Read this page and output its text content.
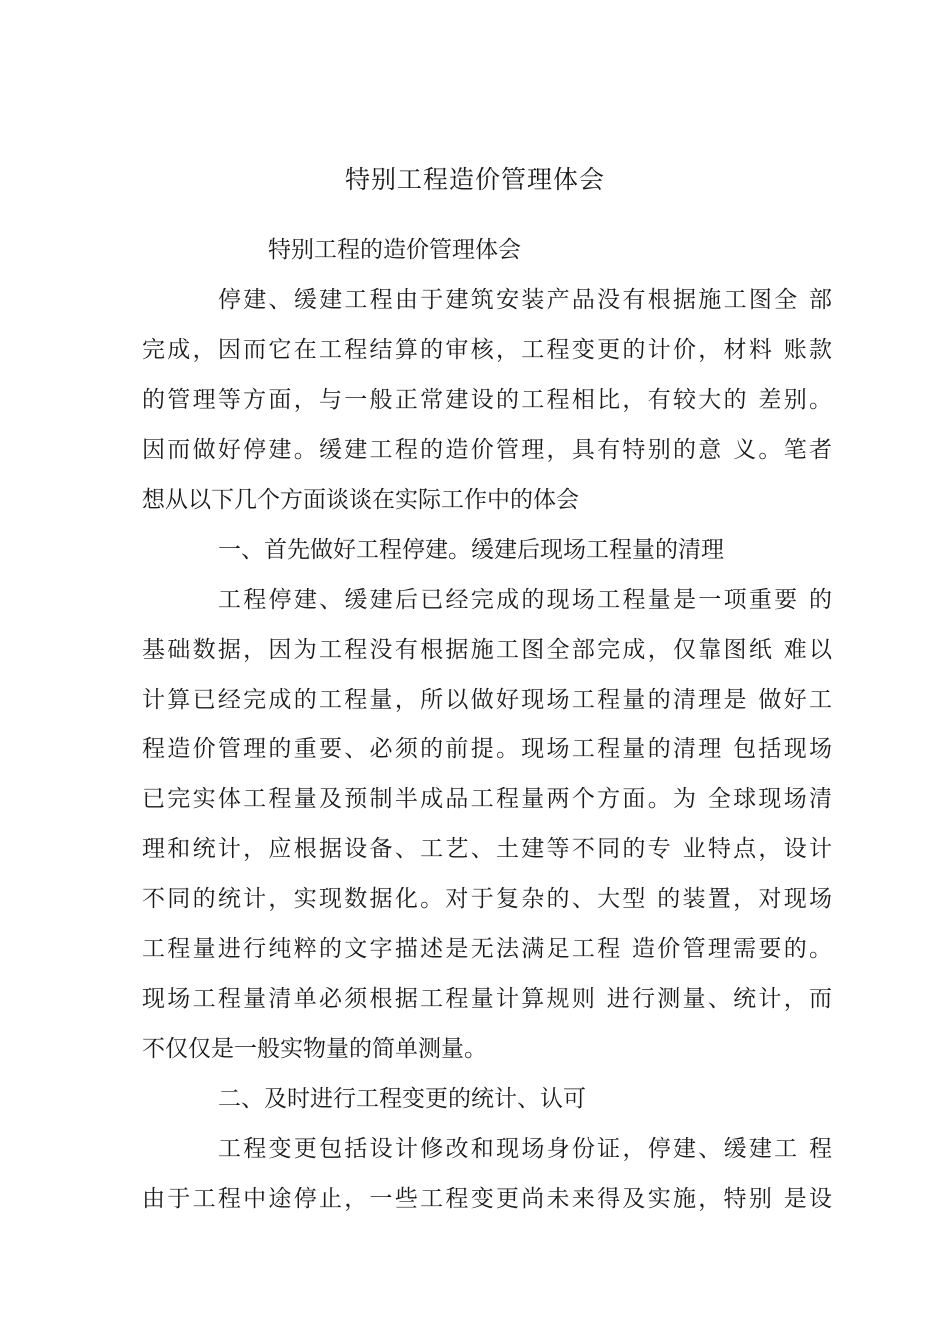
特别工程造价管理体会
特别工程的造价管理体会
停建、缓建工程由于建筑安装产品没有根据施工图全 部
完成，因而它在工程结算的审核，工程变更的计价，材料 账款
的管理等方面，与一般正常建设的工程相比，有较大的 差别。
因而做好停建。缓建工程的造价管理，具有特别的意 义。笔者
想从以下几个方面谈谈在实际工作中的体会
一、首先做好工程停建。缓建后现场工程量的清理
工程停建、缓建后已经完成的现场工程量是一项重要 的
基础数据，因为工程没有根据施工图全部完成，仅靠图纸 难以
计算已经完成的工程量，所以做好现场工程量的清理是 做好工
程造价管理的重要、必须的前提。现场工程量的清理 包括现场
已完实体工程量及预制半成品工程量两个方面。为 全球现场清
理和统计，应根据设备、工艺、土建等不同的专 业特点，设计
不同的统计，实现数据化。对于复杂的、大型 的装置，对现场
工程量进行纯粹的文字描述是无法满足工程 造价管理需要的。
现场工程量清单必须根据工程量计算规则 进行测量、统计，而
不仅仅是一般实物量的简单测量。
二、及时进行工程变更的统计、认可
工程变更包括设计修改和现场身份证，停建、缓建工 程
由于工程中途停止，一些工程变更尚未来得及实施，特别 是设
